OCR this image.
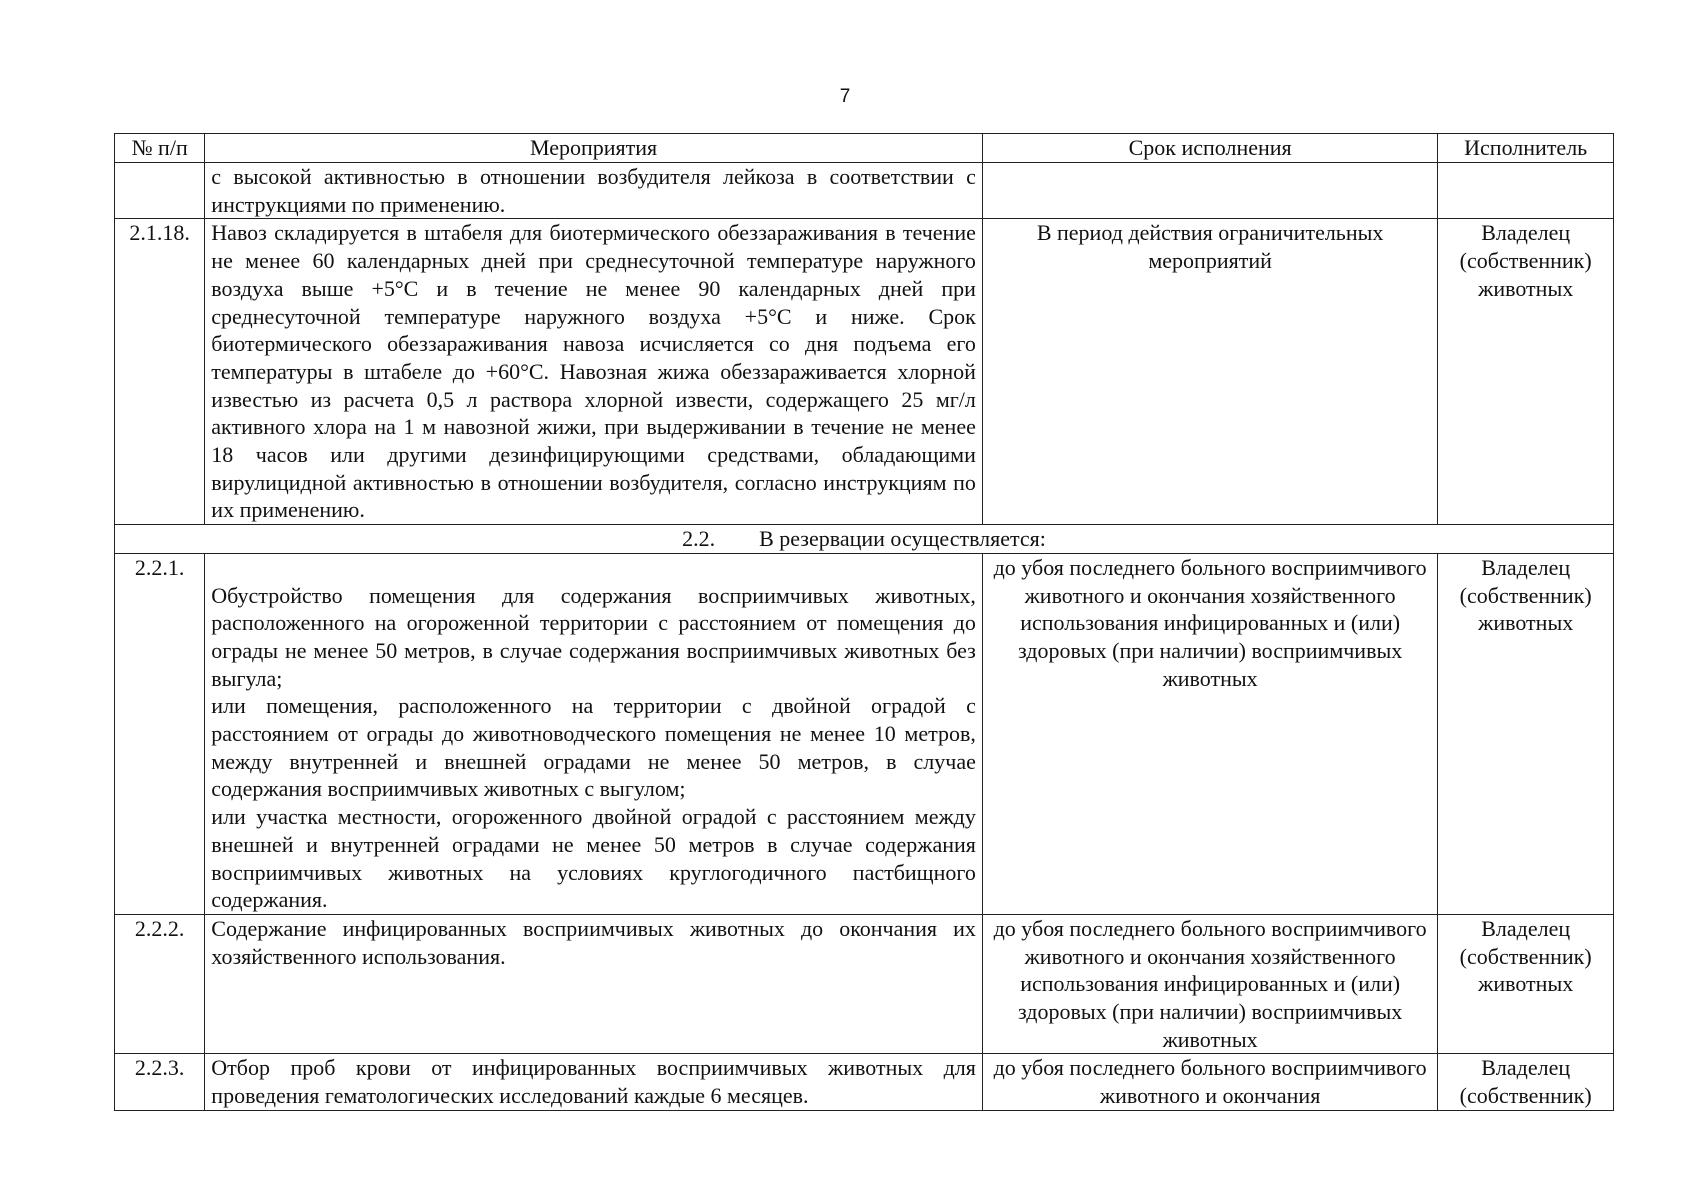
7
№ п/п	Мероприятия	Срок исполнения	Исполнитель
	с высокой активностью в отношении возбудителя лейкоза в соответствии с инструкциями по применению.		
2.1.18.	Навоз складируется в штабеля для биотермического обеззараживания в течение не менее 60 календарных дней при среднесуточной температуре наружного воздуха выше +5°С и в течение не менее 90 календарных дней при среднесуточной температуре наружного воздуха +5°С и ниже. Срок биотермического обеззараживания навоза исчисляется со дня подъема его температуры в штабеле до +60°С. Навозная жижа обеззараживается хлорной известью из расчета 0,5 л раствора хлорной извести, содержащего 25 мг/л активного хлора на 1 м навозной жижи, при выдерживании в течение не менее 18 часов или другими дезинфицирующими средствами, обладающими вирулицидной активностью в отношении возбудителя, согласно инструкциям по их применению.	В период действия ограничительных мероприятий	Владелец (собственник) животных
2.2. В резервации осуществляется:			
2.2.1.	Обустройство помещения для содержания восприимчивых животных, расположенного на огороженной территории с расстоянием от помещения до ограды не менее 50 метров, в случае содержания восприимчивых животных без выгула;

или помещения, расположенного на территории с двойной оградой с расстоянием от ограды до животноводческого помещения не менее 10 метров, между внутренней и внешней оградами не менее 50 метров, в случае содержания восприимчивых животных с выгулом;

или участка местности, огороженного двойной оградой с расстоянием между внешней и внутренней оградами не менее 50 метров в случае содержания восприимчивых животных на условиях круглогодичного пастбищного содержания.	до убоя последнего больного восприимчивого животного и окончания хозяйственного использования инфицированных и (или) здоровых (при наличии) восприимчивых животных	Владелец (собственник) животных
2.2.2.	Содержание инфицированных восприимчивых животных до окончания их хозяйственного использования.	до убоя последнего больного восприимчивого животного и окончания хозяйственного использования инфицированных и (или) здоровых (при наличии) восприимчивых животных	Владелец (собственник) животных
2.2.3.	Отбор проб крови от инфицированных восприимчивых животных для проведения гематологических исследований каждые 6 месяцев.	до убоя последнего больного восприимчивого животного и окончания	Владелец (собственник)
